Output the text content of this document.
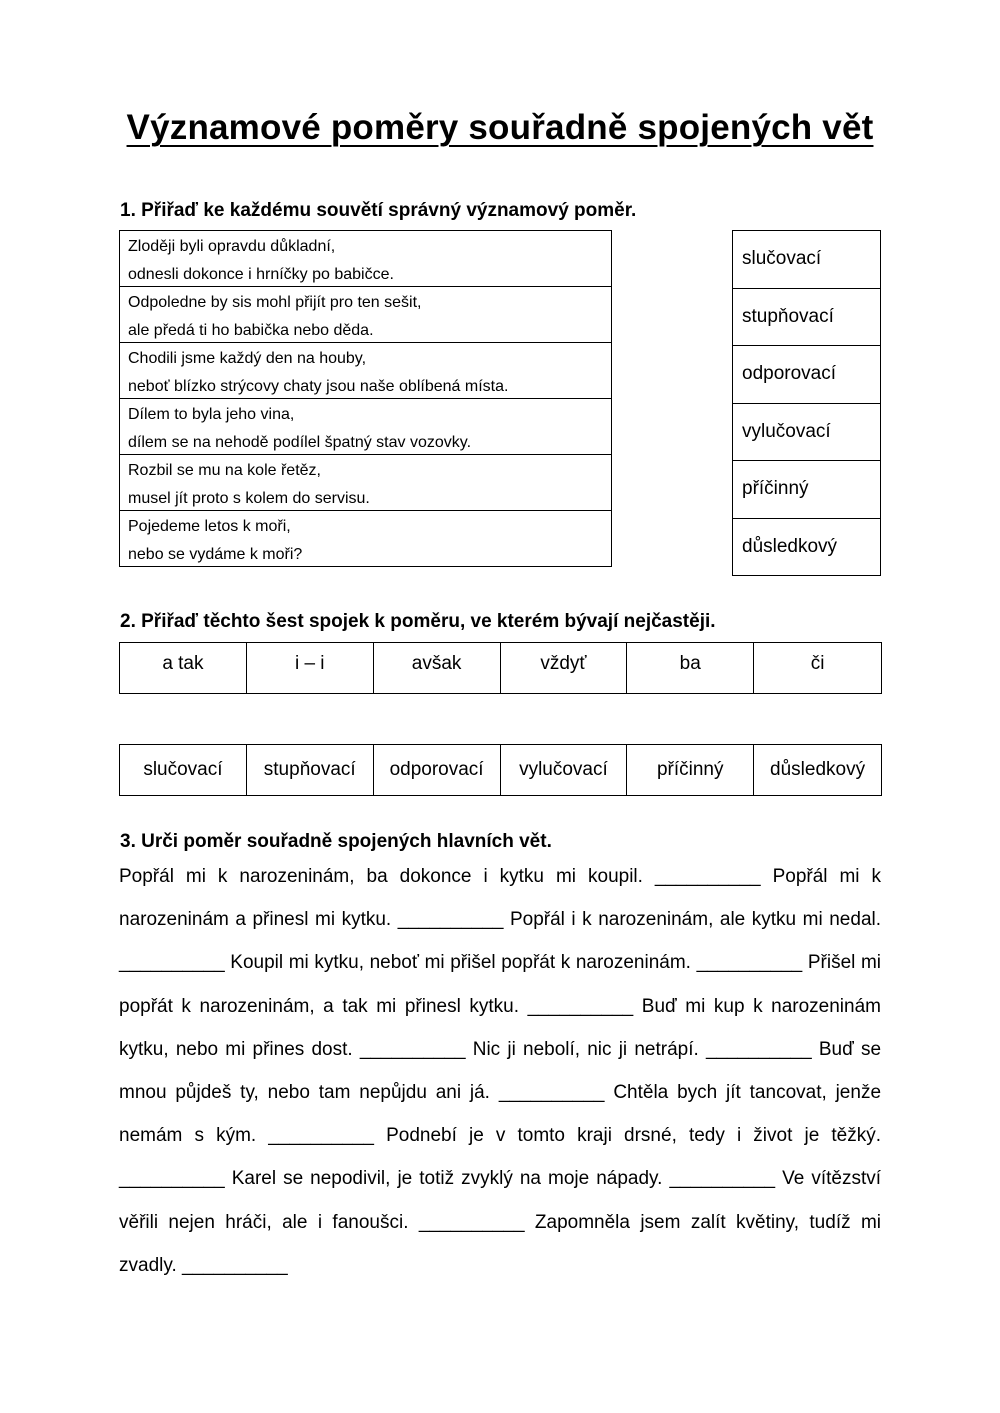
Významové poměry souřadně spojených vět
1. Přiřaď ke každému souvětí správný významový poměr.
Zloději byli opravdu důkladní,
odnesli dokonce i hrníčky po babičce.
Odpoledne by sis mohl přijít pro ten sešit,
ale předá ti ho babička nebo děda.
Chodili jsme každý den na houby,
neboť blízko strýcovy chaty jsou naše oblíbená místa.
Dílem to byla jeho vina,
dílem se na nehodě podílel špatný stav vozovky.
Rozbil se mu na kole řetěz,
musel jít proto s kolem do servisu.
Pojedeme letos k moři,
nebo se vydáme k moři?
slučovací
stupňovací
odporovací
vylučovací
příčinný
důsledkový
2. Přiřaď těchto šest spojek k poměru, ve kterém bývají nejčastěji.
a tak	i – i	avšak	vždyť	ba	či
slučovací	stupňovací	odporovací	vylučovací	příčinný	důsledkový
3. Urči poměr souřadně spojených hlavních vět.
Popřál mi k narozeninám, ba dokonce i kytku mi koupil. __________ Popřál mi k narozeninám a přinesl mi kytku. __________ Popřál i k narozeninám, ale kytku mi nedal. __________ Koupil mi kytku, neboť mi přišel popřát k narozeninám. __________ Přišel mi popřát k narozeninám, a tak mi přinesl kytku. __________ Buď mi kup k narozeninám kytku, nebo mi přines dost. __________ Nic ji nebolí, nic ji netrápí. __________ Buď se mnou půjdeš ty, nebo tam nepůjdu ani já. __________ Chtěla bych jít tancovat, jenže nemám s kým. __________ Podnebí je v tomto kraji drsné, tedy i život je těžký. __________ Karel se nepodivil, je totiž zvyklý na moje nápady. __________ Ve vítězství věřili nejen hráči, ale i fanoušci. __________ Zapomněla jsem zalít květiny, tudíž mi zvadly. __________
